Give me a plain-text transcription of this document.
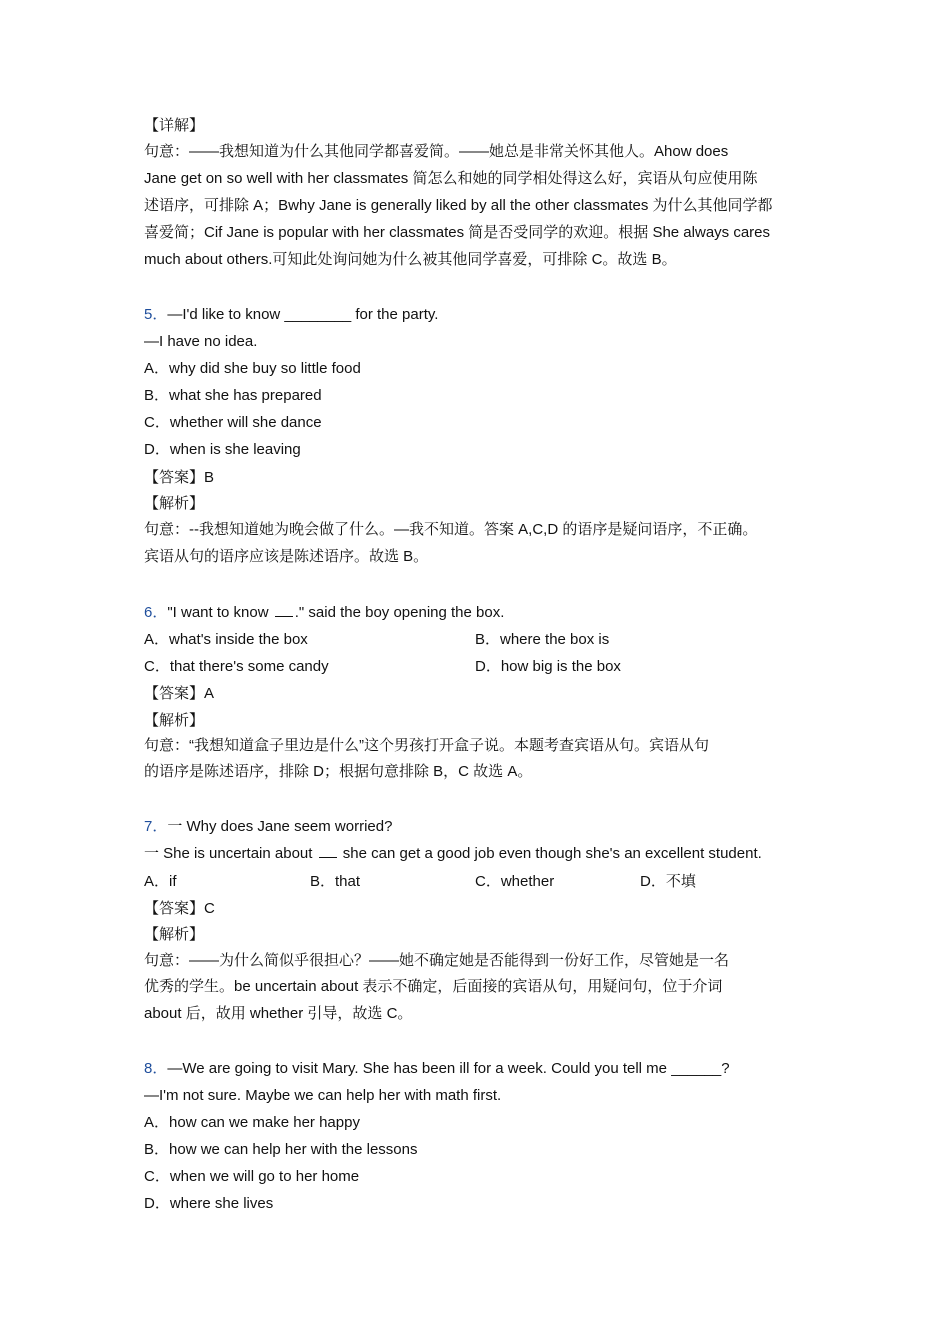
【详解】
句意：——我想知道为什么其他同学都喜爱简。——她总是非常关怀其他人。Ahow does
Jane get on so well with her classmates 简怎么和她的同学相处得这么好，宾语从句应使用陈
述语序，可排除 A；Bwhy Jane is generally liked by all the other classmates 为什么其他同学都
喜爱简；Cif Jane is popular with her classmates 简是否受同学的欢迎。根据 She always cares
much about others.可知此处询问她为什么被其他同学喜爱，可排除 C。故选 B。
5．—I'd like to know ________ for the party.
—I have no idea.
A．why did she buy so little food
B．what she has prepared
C．whether will she dance
D．when is she leaving
【答案】B
【解析】
句意：--我想知道她为晚会做了什么。—我不知道。答案 A,C,D 的语序是疑问语序，不正确。
宾语从句的语序应该是陈述语序。故选 B。
6．"I want to know ." said the boy opening the box.
A．what's inside the box	B．where the box is
C．that there's some candy	D．how big is the box
【答案】A
【解析】
句意：“我想知道盒子里边是什么”这个男孩打开盒子说。本题考查宾语从句。宾语从句
的语序是陈述语序，排除 D；根据句意排除 B，C 故选 A。
7．一 Why does Jane seem worried?
一 She is uncertain about she can get a good job even though she's an excellent student.
A．if	B．that	C．whether	D．不填
【答案】C
【解析】
句意：——为什么简似乎很担心？——她不确定她是否能得到一份好工作，尽管她是一名
优秀的学生。be uncertain about 表示不确定，后面接的宾语从句，用疑问句，位于介词
about 后，故用 whether 引导，故选 C。
8．—We are going to visit Mary. She has been ill for a week. Could you tell me ______?
—I'm not sure. Maybe we can help her with math first.
A．how can we make her happy
B．how we can help her with the lessons
C．when we will go to her home
D．where she lives
